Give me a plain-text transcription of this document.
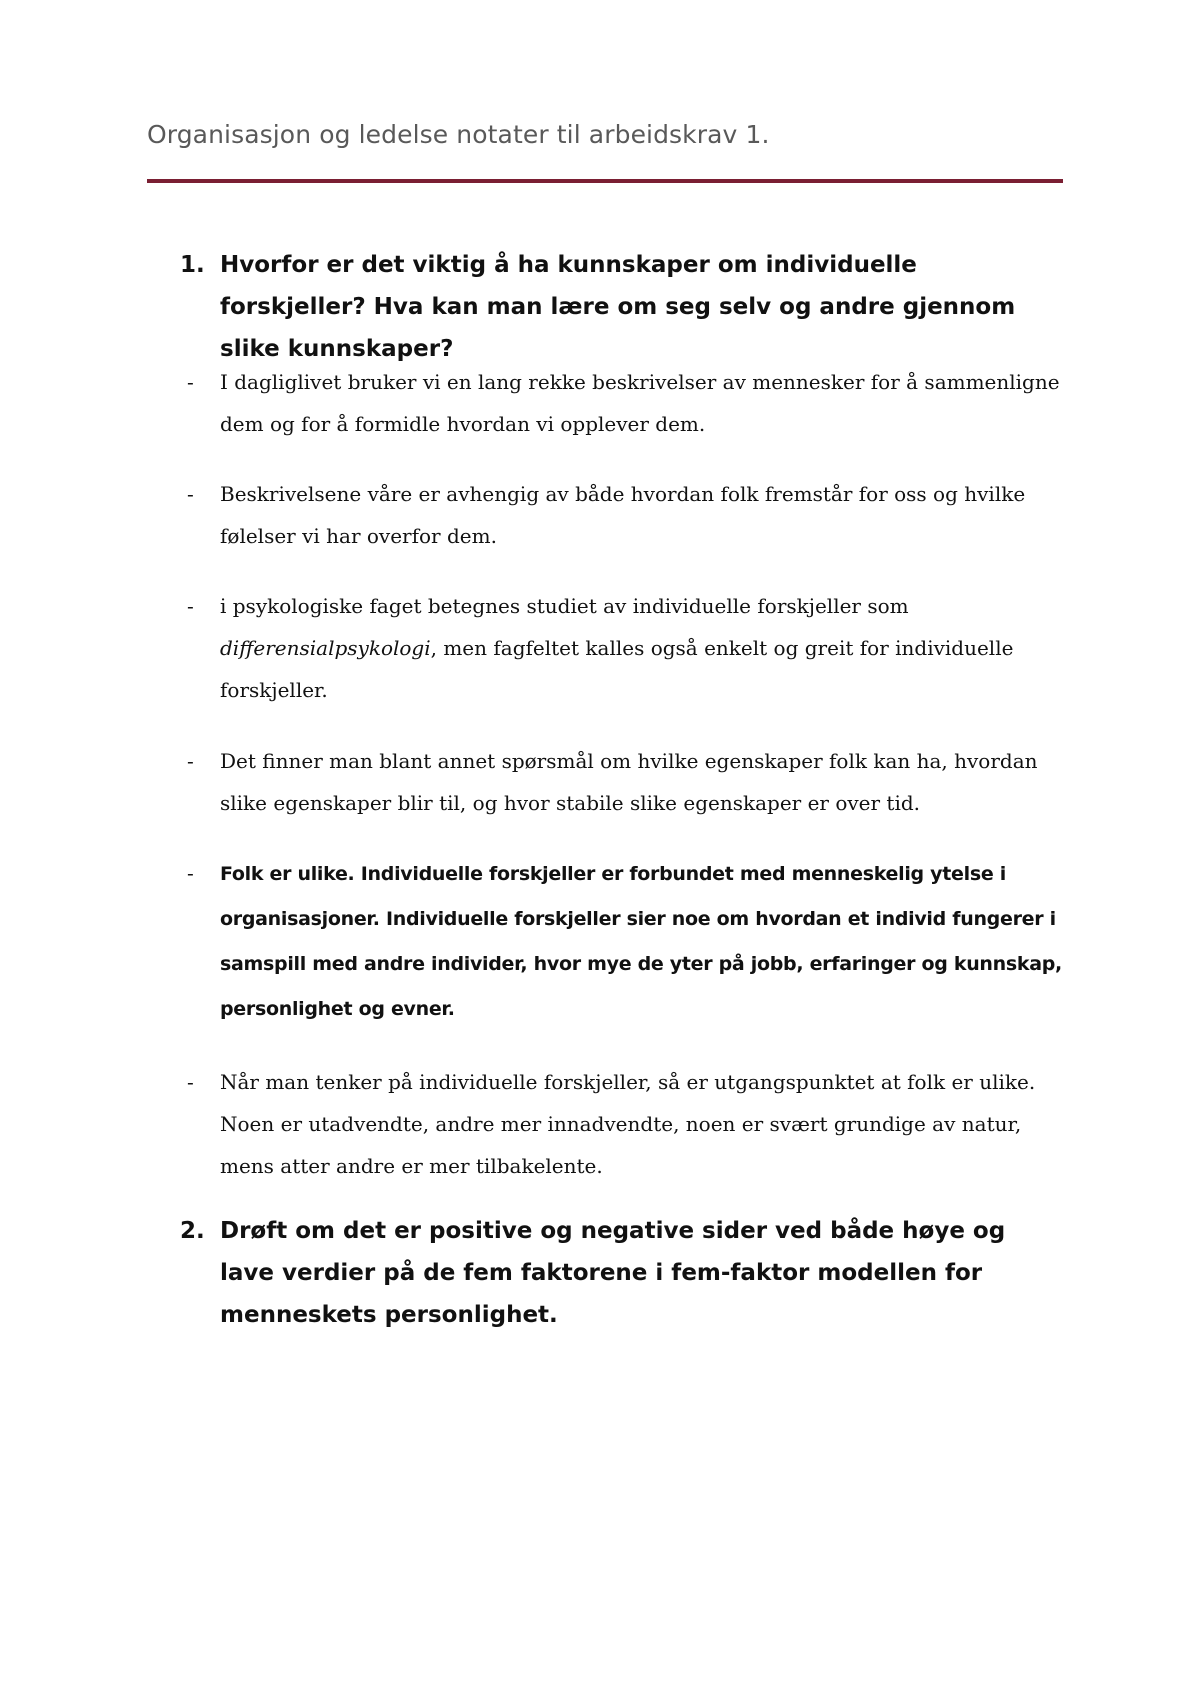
Organisasjon og ledelse notater til arbeidskrav 1.
1. Hvorfor er det viktig å ha kunnskaper om individuelle forskjeller? Hva kan man lære om seg selv og andre gjennom slike kunnskaper?
-	I dagliglivet bruker vi en lang rekke beskrivelser av mennesker for å sammenligne dem og for å formidle hvordan vi opplever dem.
-	Beskrivelsene våre er avhengig av både hvordan folk fremstår for oss og hvilke følelser vi har overfor dem.
-	i psykologiske faget betegnes studiet av individuelle forskjeller som differensialpsykologi, men fagfeltet kalles også enkelt og greit for individuelle forskjeller.
-	Det finner man blant annet spørsmål om hvilke egenskaper folk kan ha, hvordan slike egenskaper blir til, og hvor stabile slike egenskaper er over tid.
-	Folk er ulike. Individuelle forskjeller er forbundet med menneskelig ytelse i organisasjoner. Individuelle forskjeller sier noe om hvordan et individ fungerer i samspill med andre individer, hvor mye de yter på jobb, erfaringer og kunnskap, personlighet og evner.
-	Når man tenker på individuelle forskjeller, så er utgangspunktet at folk er ulike. Noen er utadvendte, andre mer innadvendte, noen er svært grundige av natur, mens atter andre er mer tilbakelente.
2. Drøft om det er positive og negative sider ved både høye og lave verdier på de fem faktorene i fem-faktor modellen for menneskets personlighet.
